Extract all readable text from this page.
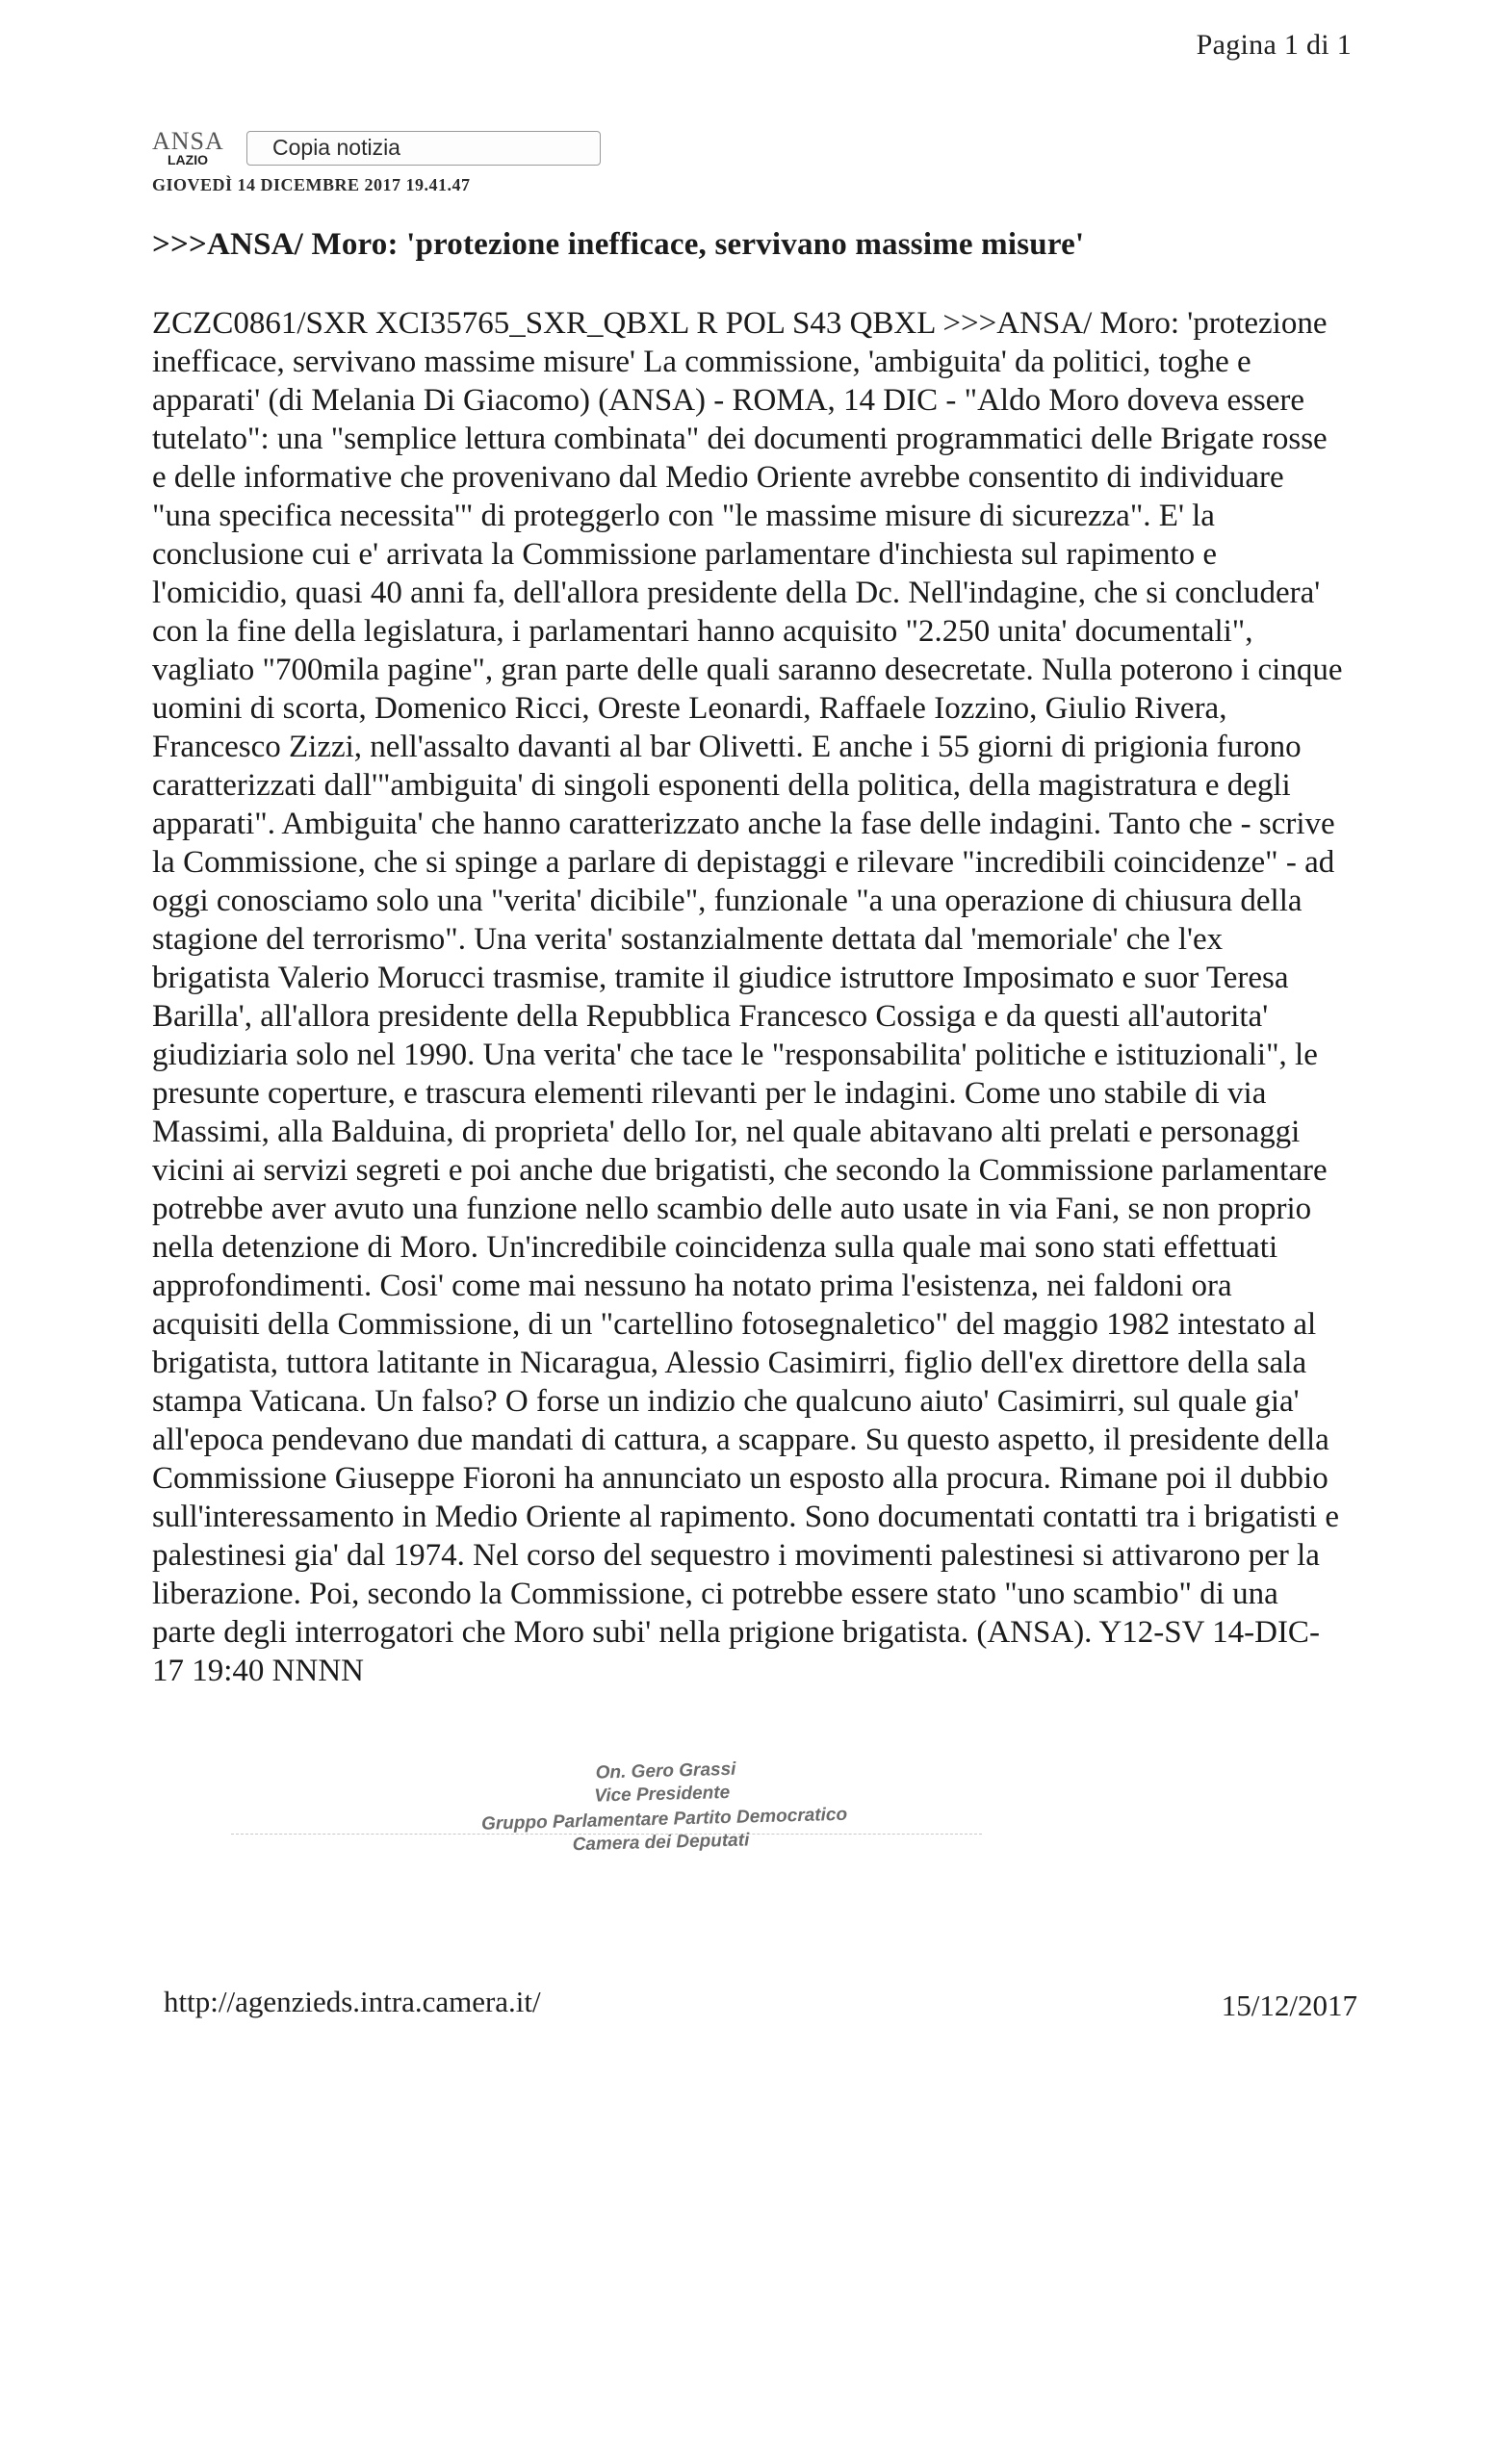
Pagina 1 di 1
ANSA
LAZIO	Copia notizia
GIOVEDÌ 14 DICEMBRE 2017 19.41.47
>>>ANSA/ Moro: 'protezione inefficace, servivano massime misure'

ZCZC0861/SXR XCI35765_SXR_QBXL R POL S43 QBXL >>>ANSA/ Moro: 'protezione inefficace, servivano massime misure' La commissione, 'ambiguita' da politici, toghe e apparati' (di Melania Di Giacomo) (ANSA) - ROMA, 14 DIC - "Aldo Moro doveva essere tutelato": una "semplice lettura combinata" dei documenti programmatici delle Brigate rosse e delle informative che provenivano dal Medio Oriente avrebbe consentito di individuare "una specifica necessita'" di proteggerlo con "le massime misure di sicurezza". E' la conclusione cui e' arrivata la Commissione parlamentare d'inchiesta sul rapimento e l'omicidio, quasi 40 anni fa, dell'allora presidente della Dc. Nell'indagine, che si concludera' con la fine della legislatura, i parlamentari hanno acquisito "2.250 unita' documentali", vagliato "700mila pagine", gran parte delle quali saranno desecretate. Nulla poterono i cinque uomini di scorta, Domenico Ricci, Oreste Leonardi, Raffaele Iozzino, Giulio Rivera, Francesco Zizzi, nell'assalto davanti al bar Olivetti. E anche i 55 giorni di prigionia furono caratterizzati dall'"ambiguita' di singoli esponenti della politica, della magistratura e degli apparati". Ambiguita' che hanno caratterizzato anche la fase delle indagini. Tanto che - scrive la Commissione, che si spinge a parlare di depistaggi e rilevare "incredibili coincidenze" - ad oggi conosciamo solo una "verita' dicibile", funzionale "a una operazione di chiusura della stagione del terrorismo". Una verita' sostanzialmente dettata dal 'memoriale' che l'ex brigatista Valerio Morucci trasmise, tramite il giudice istruttore Imposimato e suor Teresa Barilla', all'allora presidente della Repubblica Francesco Cossiga e da questi all'autorita' giudiziaria solo nel 1990. Una verita' che tace le "responsabilita' politiche e istituzionali", le presunte coperture, e trascura elementi rilevanti per le indagini. Come uno stabile di via Massimi, alla Balduina, di proprieta' dello Ior, nel quale abitavano alti prelati e personaggi vicini ai servizi segreti e poi anche due brigatisti, che secondo la Commissione parlamentare potrebbe aver avuto una funzione nello scambio delle auto usate in via Fani, se non proprio nella detenzione di Moro. Un'incredibile coincidenza sulla quale mai sono stati effettuati approfondimenti. Cosi' come mai nessuno ha notato prima l'esistenza, nei faldoni ora acquisiti della Commissione, di un "cartellino fotosegnaletico" del maggio 1982 intestato al brigatista, tuttora latitante in Nicaragua, Alessio Casimirri, figlio dell'ex direttore della sala stampa Vaticana. Un falso? O forse un indizio che qualcuno aiuto' Casimirri, sul quale gia' all'epoca pendevano due mandati di cattura, a scappare. Su questo aspetto, il presidente della Commissione Giuseppe Fioroni ha annunciato un esposto alla procura. Rimane poi il dubbio sull'interessamento in Medio Oriente al rapimento. Sono documentati contatti tra i brigatisti e palestinesi gia' dal 1974. Nel corso del sequestro i movimenti palestinesi si attivarono per la liberazione. Poi, secondo la Commissione, ci potrebbe essere stato "uno scambio" di una parte degli interrogatori che Moro subi' nella prigione brigatista. (ANSA). Y12-SV 14-DIC-17 19:40 NNNN

On. Gero Grassi
Vice Presidente
Gruppo Parlamentare Partito Democratico
Camera dei Deputati
http://agenzieds.intra.camera.it/	15/12/2017
